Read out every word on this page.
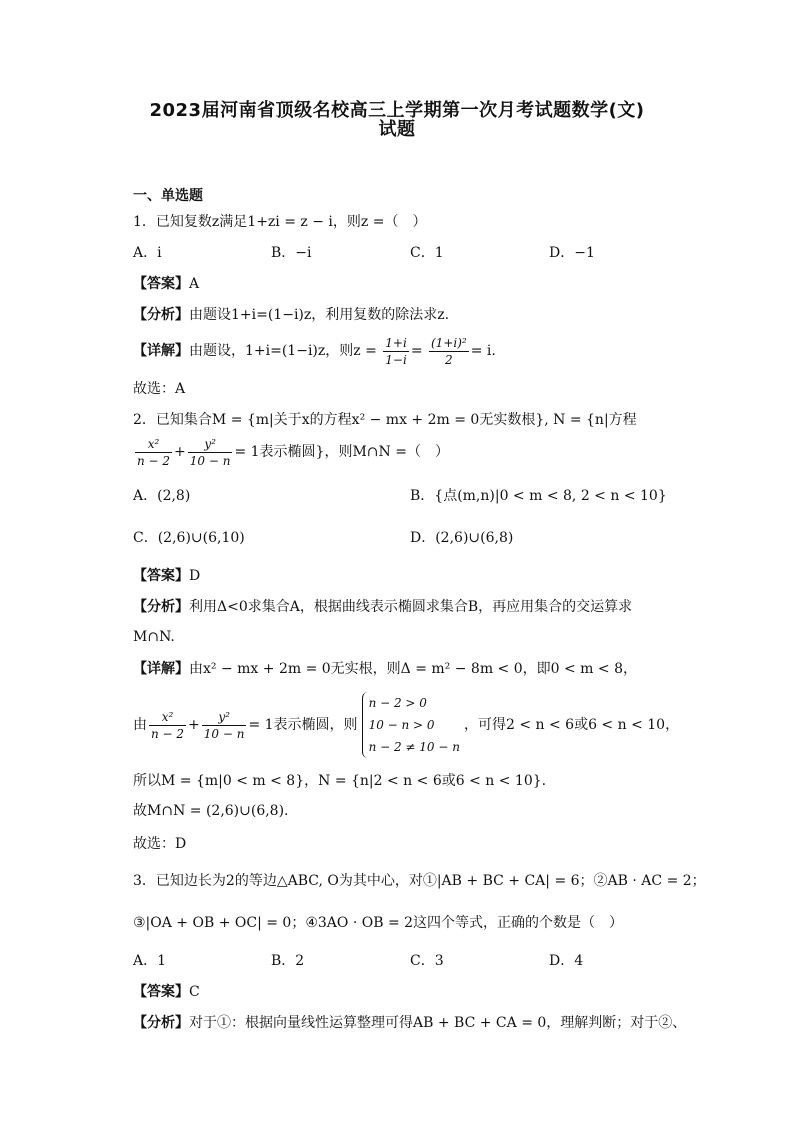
2023届河南省顶级名校高三上学期第一次月考试题数学(文)
试题
一、单选题
1．已知复数z满足1+zi = z − i，则z =（　）
A．i	B．−i	C．1	D．−1
【答案】A
【分析】由题设1+i=(1−i)z，利用复数的除法求z.
【详解】由题设，1+i=(1−i)z，则$z = \frac{1+i}{1-i} = \frac{\text{(1+i)²}}{2} = i$.
故选：A
2．已知集合M = {m|关于x的方程x² − mx + 2m = 0无实数根}, N = {n|方程
$\frac{\text{x²}}{n - 2} + \frac{\text{y²}}{10 - n} = 1$表示椭圆}，则M∩N =（　）
A．(2,8)	B．{点(m,n)|0 < m < 8, 2 < n < 10}
C．(2,6)∪(6,10)	D．(2,6)∪(6,8)
【答案】D
【分析】利用Δ<0求集合A，根据曲线表示椭圆求集合B，再应用集合的交运算求
M∩N.
【详解】由x² − mx + 2m = 0无实根，则Δ = m² − 8m < 0，即0 < m < 8，
由 $\frac{\text{x²}}{n - 2} + \frac{\text{y²}}{10 - n} = 1$表示椭圆，则
n − 2 > 0
10 − n > 0
n − 2 ≠ 10 − n
，可得2 < n < 6或6 < n < 10，
所以M = {m|0 < m < 8}，N = {n|2 < n < 6或6 < n < 10}.
故M∩N = (2,6)∪(6,8).
故选：D
3．已知边长为2的等边△ABC, O为其中心，对①|AB + BC + CA| = 6；②AB · AC = 2；
③|OA + OB + OC| = 0；④3AO · OB = 2这四个等式，正确的个数是（　）
A．1	B．2	C．3	D．4
【答案】C
【分析】对于①：根据向量线性运算整理可得AB + BC + CA = 0，理解判断；对于②、
